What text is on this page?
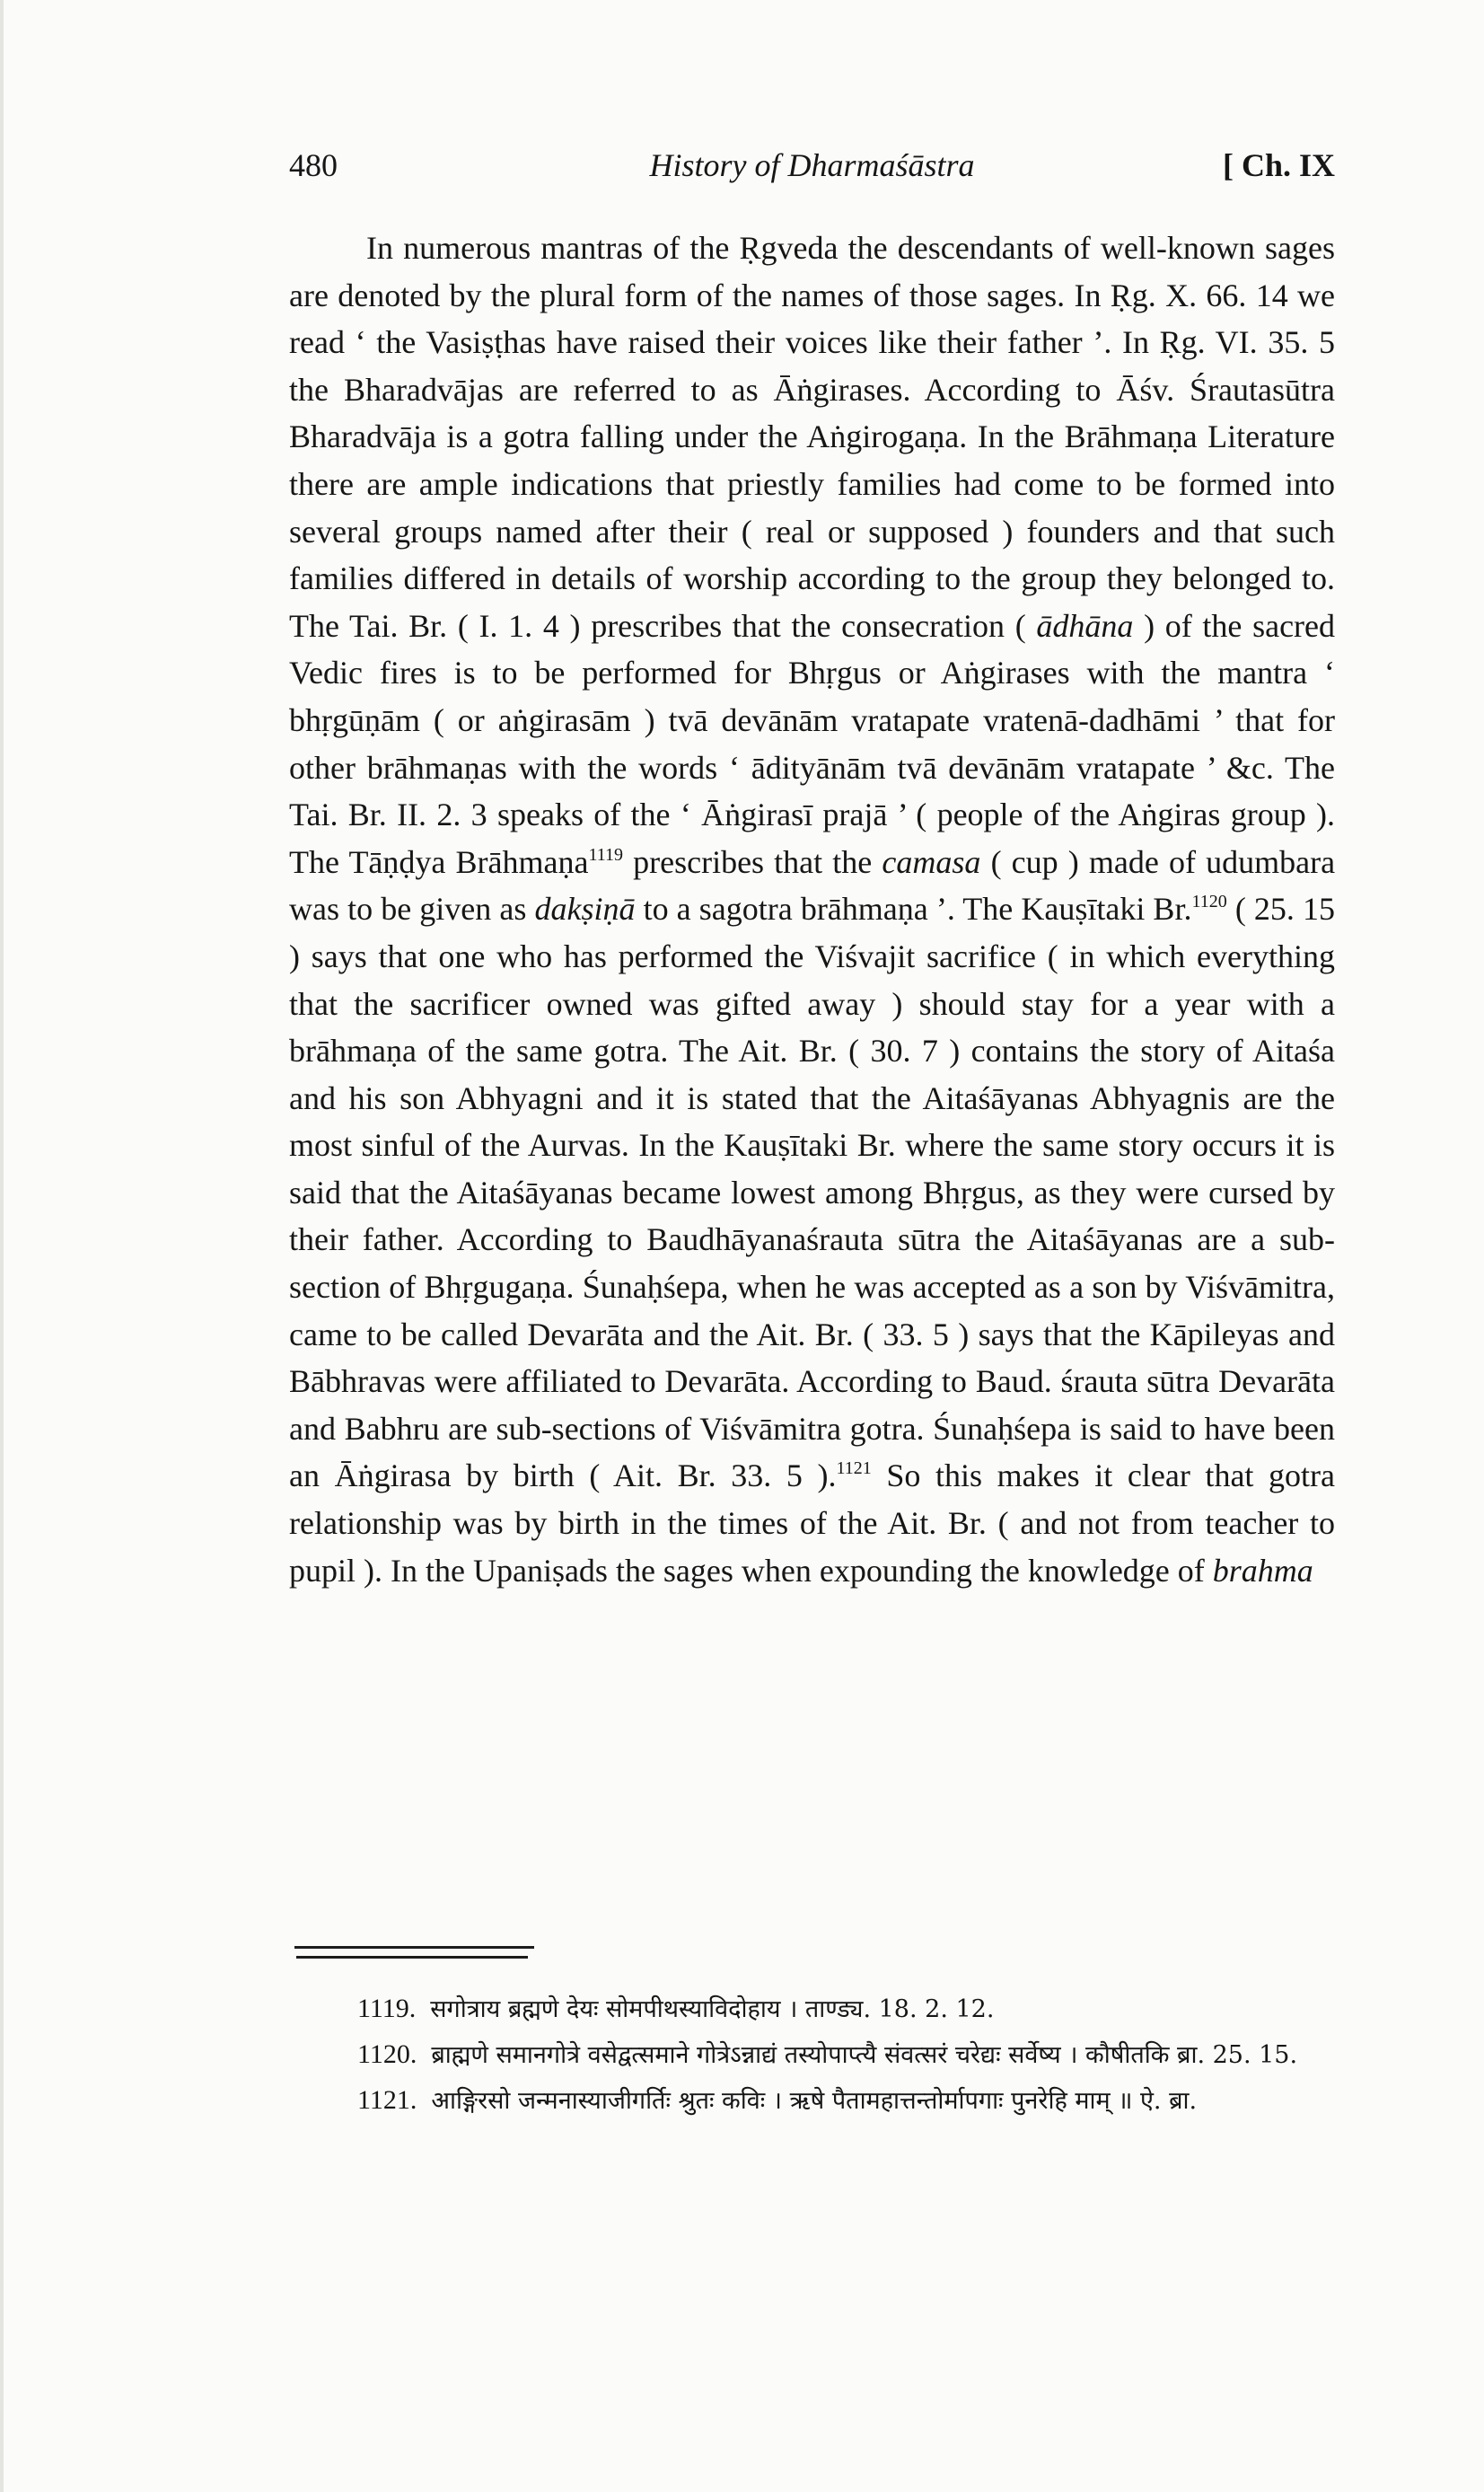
480	History of Dharmaśāstra	[ Ch. IX

In numerous mantras of the Ṛgveda the descendants of well-known sages are denoted by the plural form of the names of those sages. In Ṛg. X. 66. 14 we read ‘ the Vasiṣṭhas have raised their voices like their father ’. In Ṛg. VI. 35. 5 the Bharadvājas are referred to as Āṅgirases. According to Āśv. Śrautasūtra Bharadvāja is a gotra falling under the Aṅgirogaṇa. In the Brāhmaṇa Literature there are ample indications that priestly families had come to be formed into several groups named after their ( real or supposed ) founders and that such families differed in details of worship according to the group they belonged to. The Tai. Br. ( I. 1. 4 ) prescribes that the consecration ( ādhāna ) of the sacred Vedic fires is to be performed for Bhṛgus or Aṅgirases with the mantra ‘ bhṛgūṇām ( or aṅgirasām ) tvā devānām vratapate vratenā-dadhāmi ’ that for other brāhmaṇas with the words ‘ ādityānām tvā devānām vratapate ’ &c. The Tai. Br. II. 2. 3 speaks of the ‘ Āṅgirasī prajā ’ ( people of the Aṅgiras group ). The Tāṇḍya Brāhmaṇa$^{1119}$ prescribes that the camasa ( cup ) made of udumbara was to be given as dakṣiṇā to a sagotra brāhmaṇa ’. The Kauṣītaki Br.$^{1120}$ ( 25. 15 ) says that one who has performed the Viśvajit sacrifice ( in which everything that the sacrificer owned was gifted away ) should stay for a year with a brāhmaṇa of the same gotra. The Ait. Br. ( 30. 7 ) contains the story of Aitaśa and his son Abhyagni and it is stated that the Aitaśāyanas Abhyagnis are the most sinful of the Aurvas. In the Kauṣītaki Br. where the same story occurs it is said that the Aitaśāyanas became lowest among Bhṛgus, as they were cursed by their father. According to Baudhāyanaśrauta sūtra the Aitaśāyanas are a sub-section of Bhṛgugaṇa. Śunaḥśepa, when he was accepted as a son by Viśvāmitra, came to be called Devarāta and the Ait. Br. ( 33. 5 ) says that the Kāpileyas and Bābhravas were affiliated to Devarāta. According to Baud. śrauta sūtra Devarāta and Babhru are sub-sections of Viśvāmitra gotra. Śunaḥśepa is said to have been an Āṅgirasa by birth ( Ait. Br. 33. 5 ).$^{1121}$ So this makes it clear that gotra relationship was by birth in the times of the Ait. Br. ( and not from teacher to pupil ). In the Upaniṣads the sages when expounding the knowledge of brahma

1119. सगोत्राय ब्रह्मणे देयः सोमपीथस्याविदोहाय । ताण्ड्य. 18. 2. 12.

1120. ब्राह्मणे समानगोत्रे वसेद्वत्समाने गोत्रेऽन्नाद्यं तस्योपाप्त्यै संवत्सरं चरेद्यः सर्वेष्य । कौषीतकि ब्रा. 25. 15.

1121. आङ्गिरसो जन्मनास्याजीगर्तिः श्रुतः कविः । ऋषे पैतामहात्तन्तोर्मापगाः पुनरेहि माम् ॥ ऐ. ब्रा.
